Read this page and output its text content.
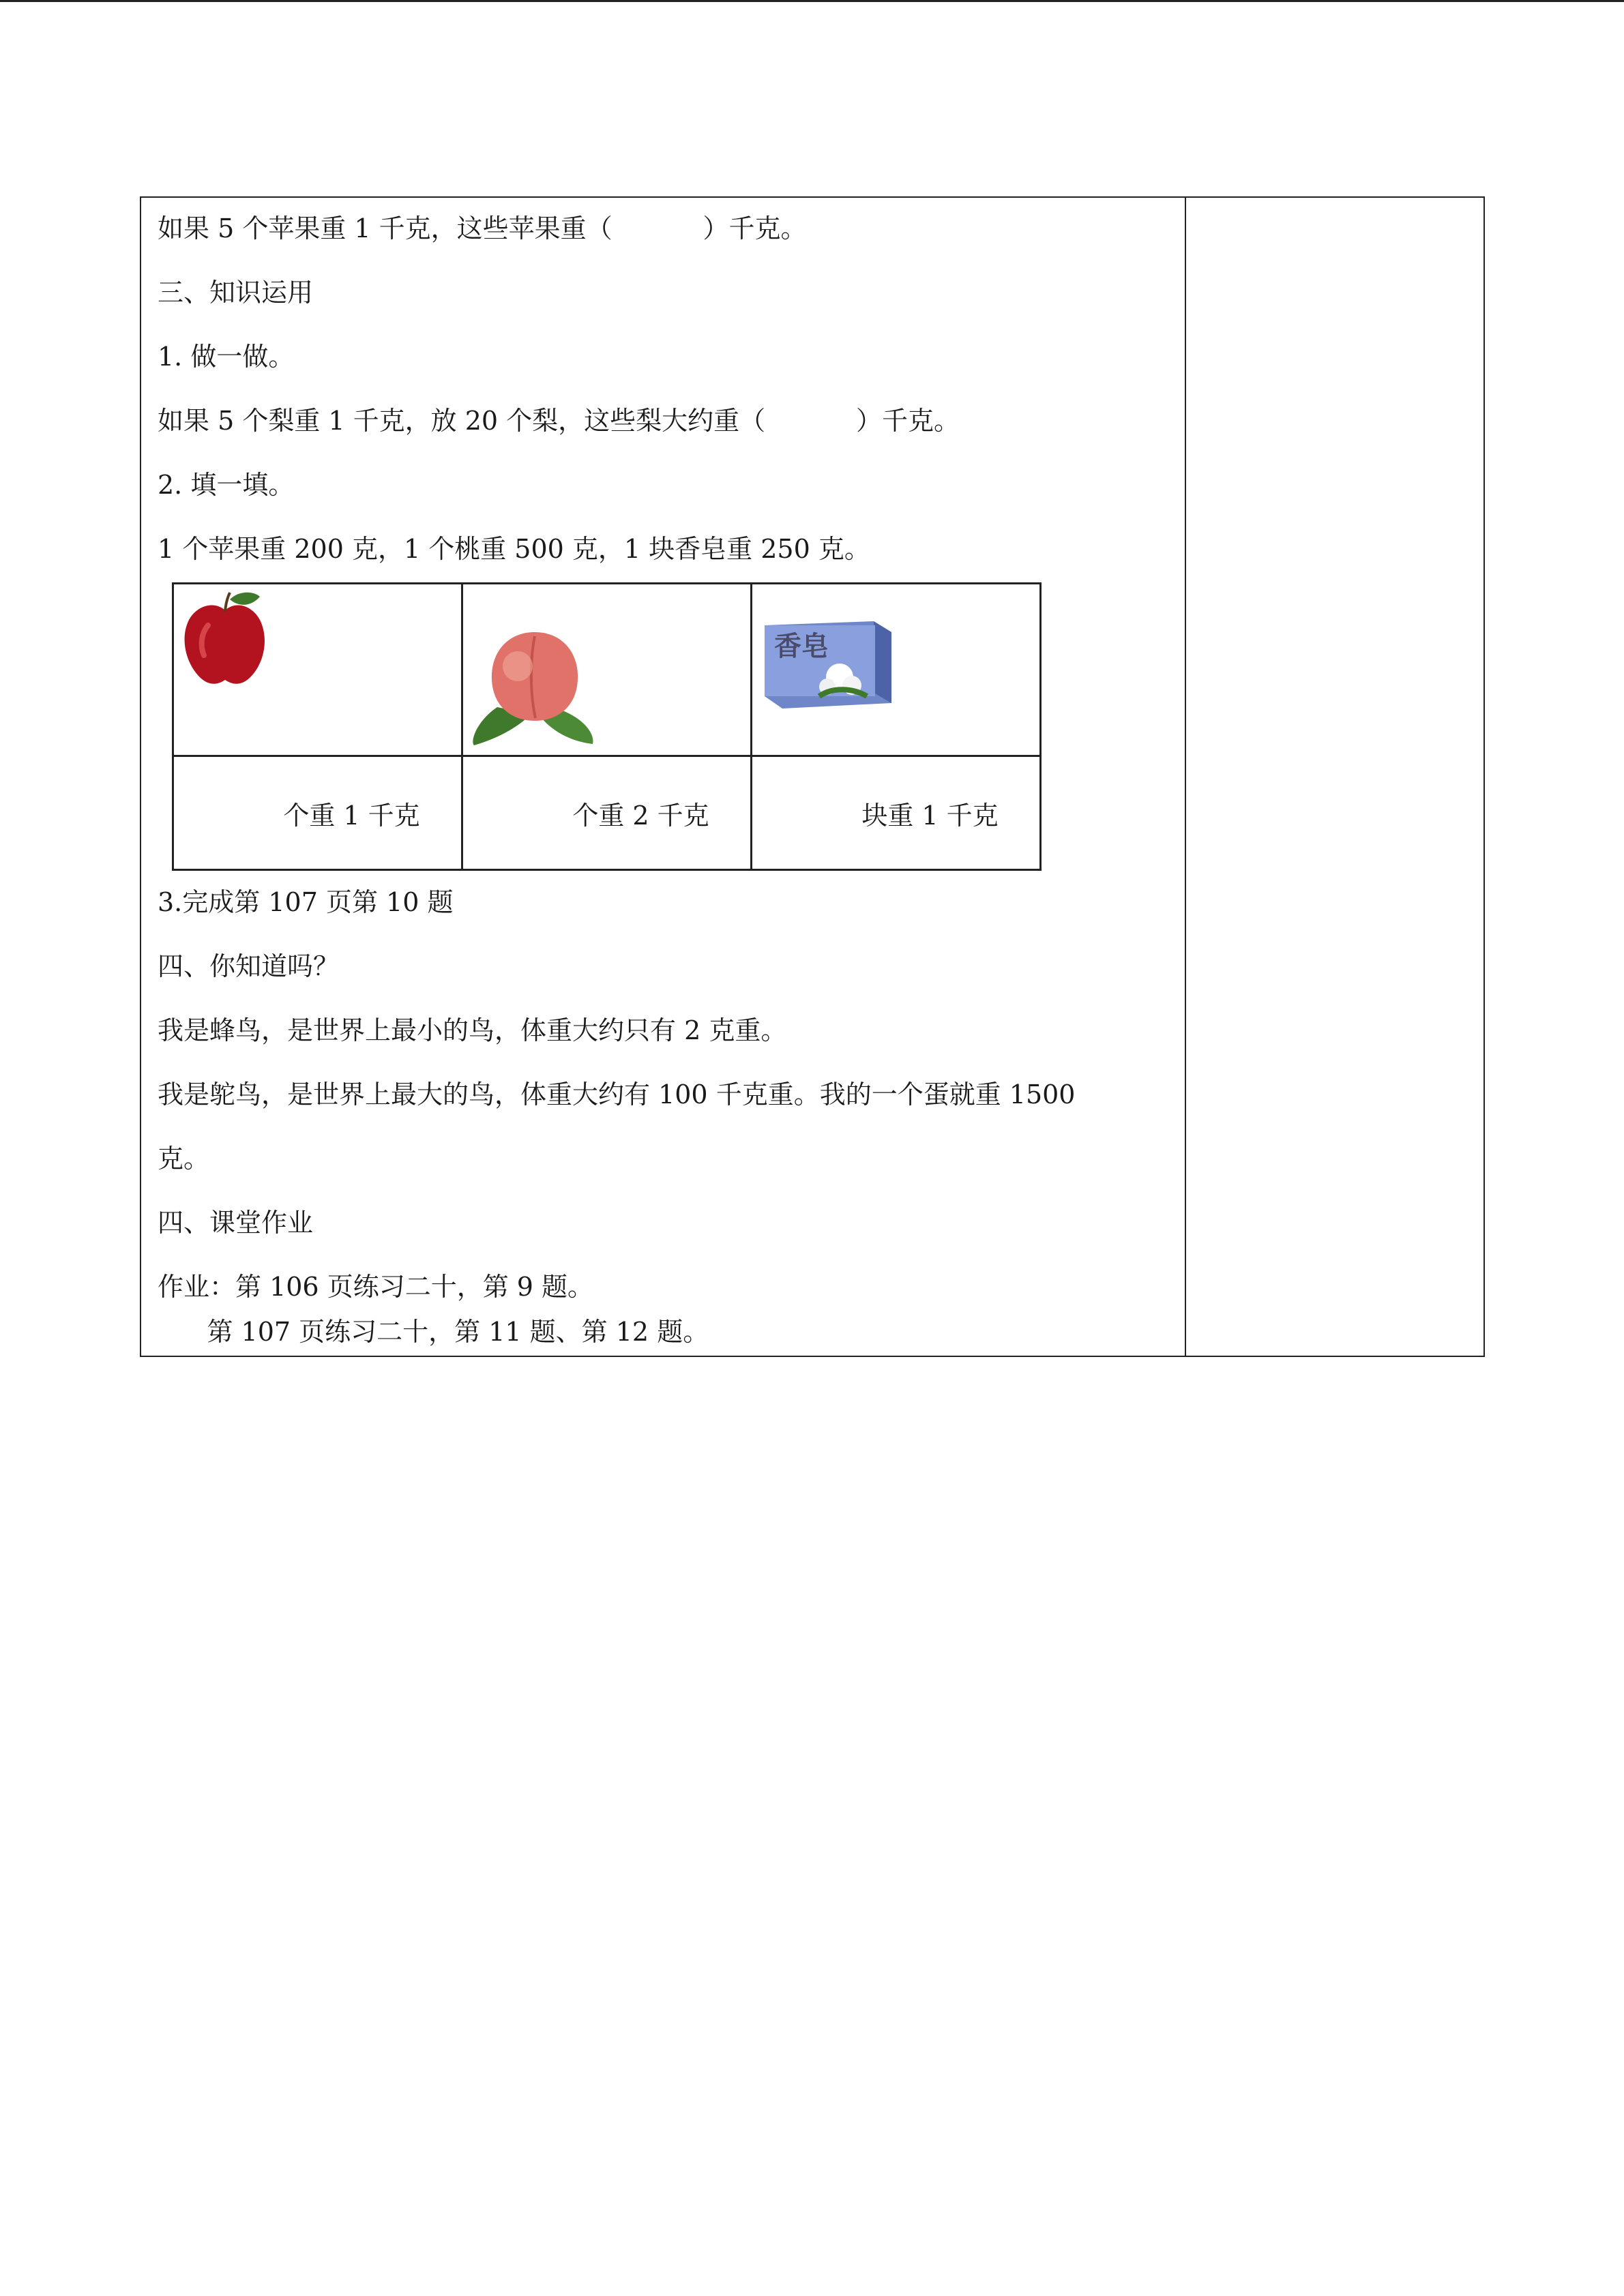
如果 5 个苹果重 1 千克，这些苹果重（           ）千克。
三、知识运用
1. 做一做。
如果 5 个梨重 1 千克，放 20 个梨，这些梨大约重（           ）千克。
2. 填一填。
1 个苹果重 200 克，1 个桃重 500 克，1 块香皂重 250 克。

香皂

个重 1 千克	个重 2 千克	块重 1 千克
3.完成第 107 页第 10 题
四、你知道吗？
我是蜂鸟，是世界上最小的鸟，体重大约只有 2 克重。
我是鸵鸟，是世界上最大的鸟，体重大约有 100 千克重。我的一个蛋就重 1500
克。
四、课堂作业
作业：第 106 页练习二十，第 9 题。
第 107 页练习二十，第 11 题、第 12 题。
